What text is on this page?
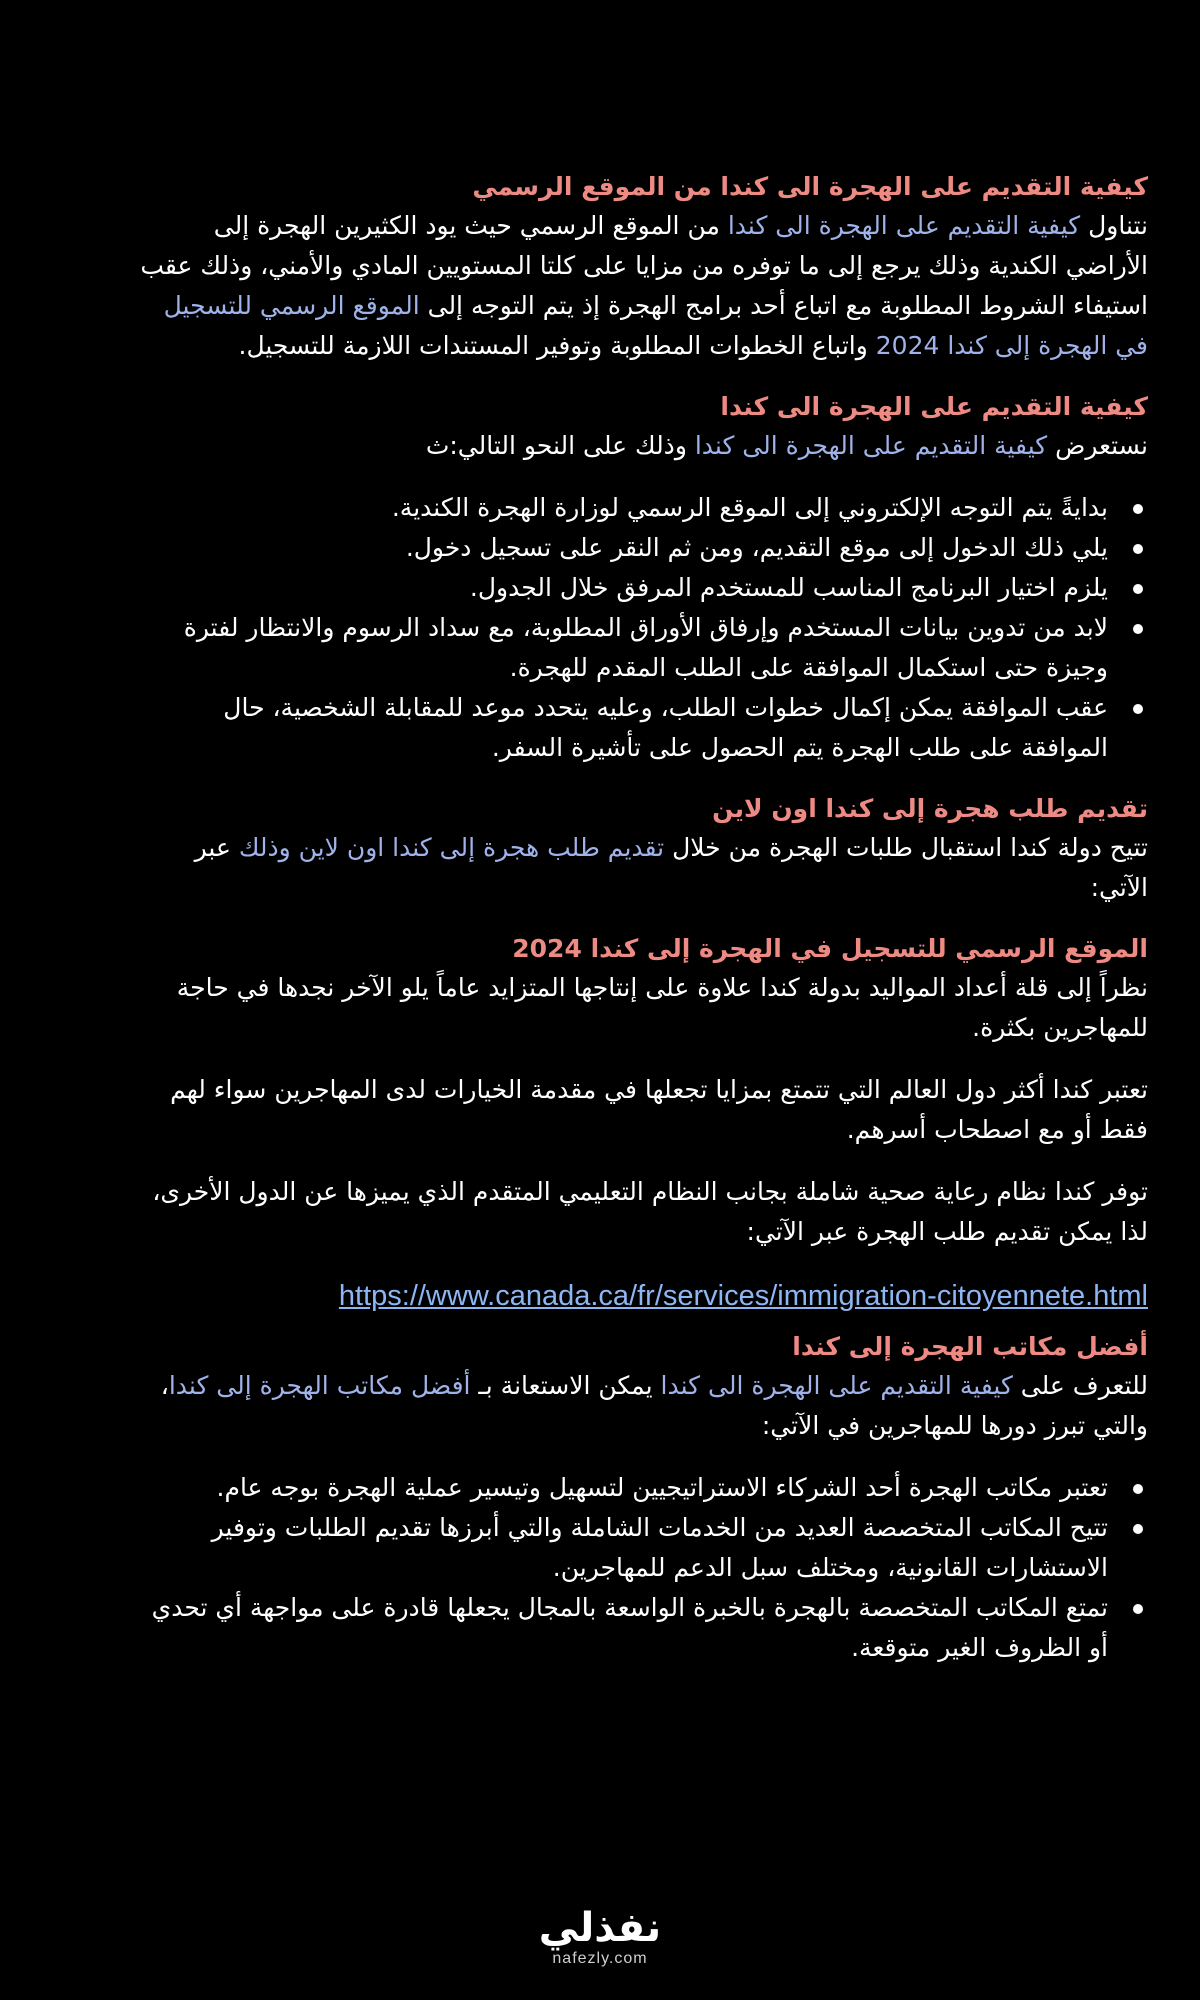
كيفية التقديم على الهجرة الى كندا من الموقع الرسمي

نتناول كيفية التقديم على الهجرة الى كندا من الموقع الرسمي حيث يود الكثيرين الهجرة إلى الأراضي الكندية وذلك يرجع إلى ما توفره من مزايا على كلتا المستويين المادي والأمني، وذلك عقب استيفاء الشروط المطلوبة مع اتباع أحد برامج الهجرة إذ يتم التوجه إلى الموقع الرسمي للتسجيل في الهجرة إلى كندا 2024 واتباع الخطوات المطلوبة وتوفير المستندات اللازمة للتسجيل.

كيفية التقديم على الهجرة الى كندا

نستعرض كيفية التقديم على الهجرة الى كندا وذلك على النحو التالي:ث

بدايةً يتم التوجه الإلكتروني إلى الموقع الرسمي لوزارة الهجرة الكندية.
يلي ذلك الدخول إلى موقع التقديم، ومن ثم النقر على تسجيل دخول.
يلزم اختيار البرنامج المناسب للمستخدم المرفق خلال الجدول.
لابد من تدوين بيانات المستخدم وإرفاق الأوراق المطلوبة، مع سداد الرسوم والانتظار لفترة وجيزة حتى استكمال الموافقة على الطلب المقدم للهجرة.
عقب الموافقة يمكن إكمال خطوات الطلب، وعليه يتحدد موعد للمقابلة الشخصية، حال الموافقة على طلب الهجرة يتم الحصول على تأشيرة السفر.
تقديم طلب هجرة إلى كندا اون لاين

تتيح دولة كندا استقبال طلبات الهجرة من خلال تقديم طلب هجرة إلى كندا اون لاين وذلك عبر الآتي:

الموقع الرسمي للتسجيل في الهجرة إلى كندا 2024

نظراً إلى قلة أعداد المواليد بدولة كندا علاوة على إنتاجها المتزايد عاماً يلو الآخر نجدها في حاجة للمهاجرين بكثرة.

تعتبر كندا أكثر دول العالم التي تتمتع بمزايا تجعلها في مقدمة الخيارات لدى المهاجرين سواء لهم فقط أو مع اصطحاب أسرهم.

توفر كندا نظام رعاية صحية شاملة بجانب النظام التعليمي المتقدم الذي يميزها عن الدول الأخرى، لذا يمكن تقديم طلب الهجرة عبر الآتي:

https://www.canada.ca/fr/services/immigration-citoyennete.html

أفضل مكاتب الهجرة إلى كندا

للتعرف على كيفية التقديم على الهجرة الى كندا يمكن الاستعانة بـ أفضل مكاتب الهجرة إلى كندا، والتي تبرز دورها للمهاجرين في الآتي:

تعتبر مكاتب الهجرة أحد الشركاء الاستراتيجيين لتسهيل وتيسير عملية الهجرة بوجه عام.
تتيح المكاتب المتخصصة العديد من الخدمات الشاملة والتي أبرزها تقديم الطلبات وتوفير الاستشارات القانونية، ومختلف سبل الدعم للمهاجرين.
تمتع المكاتب المتخصصة بالهجرة بالخبرة الواسعة بالمجال يجعلها قادرة على مواجهة أي تحدي أو الظروف الغير متوقعة.
نفذلي
nafezly.com
